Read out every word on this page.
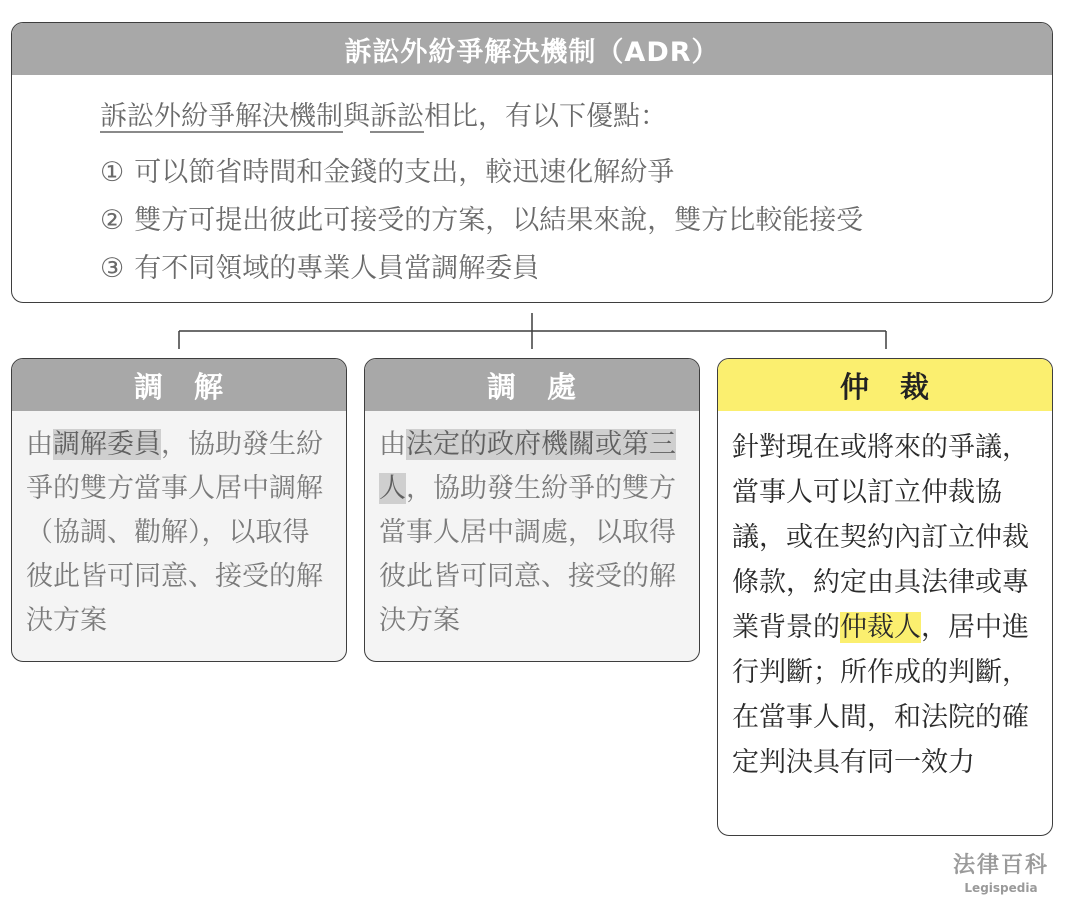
訴訟外紛爭解決機制（ADR）
訴訟外紛爭解決機制與訴訟相比，有以下優點：
① 可以節省時間和金錢的支出，較迅速化解紛爭
② 雙方可提出彼此可接受的方案，以結果來說，雙方比較能接受
③ 有不同領域的專業人員當調解委員
調　解
由調解委員，協助發生紛爭的雙方當事人居中調解（協調、勸解），以取得彼此皆可同意、接受的解決方案
調　處
由法定的政府機關或第三人，協助發生紛爭的雙方當事人居中調處，以取得彼此皆可同意、接受的解決方案
仲　裁
針對現在或將來的爭議，當事人可以訂立仲裁協議，或在契約內訂立仲裁條款，約定由具法律或專業背景的仲裁人，居中進行判斷；所作成的判斷，在當事人間，和法院的確定判決具有同一效力
法律百科
Legispedia
